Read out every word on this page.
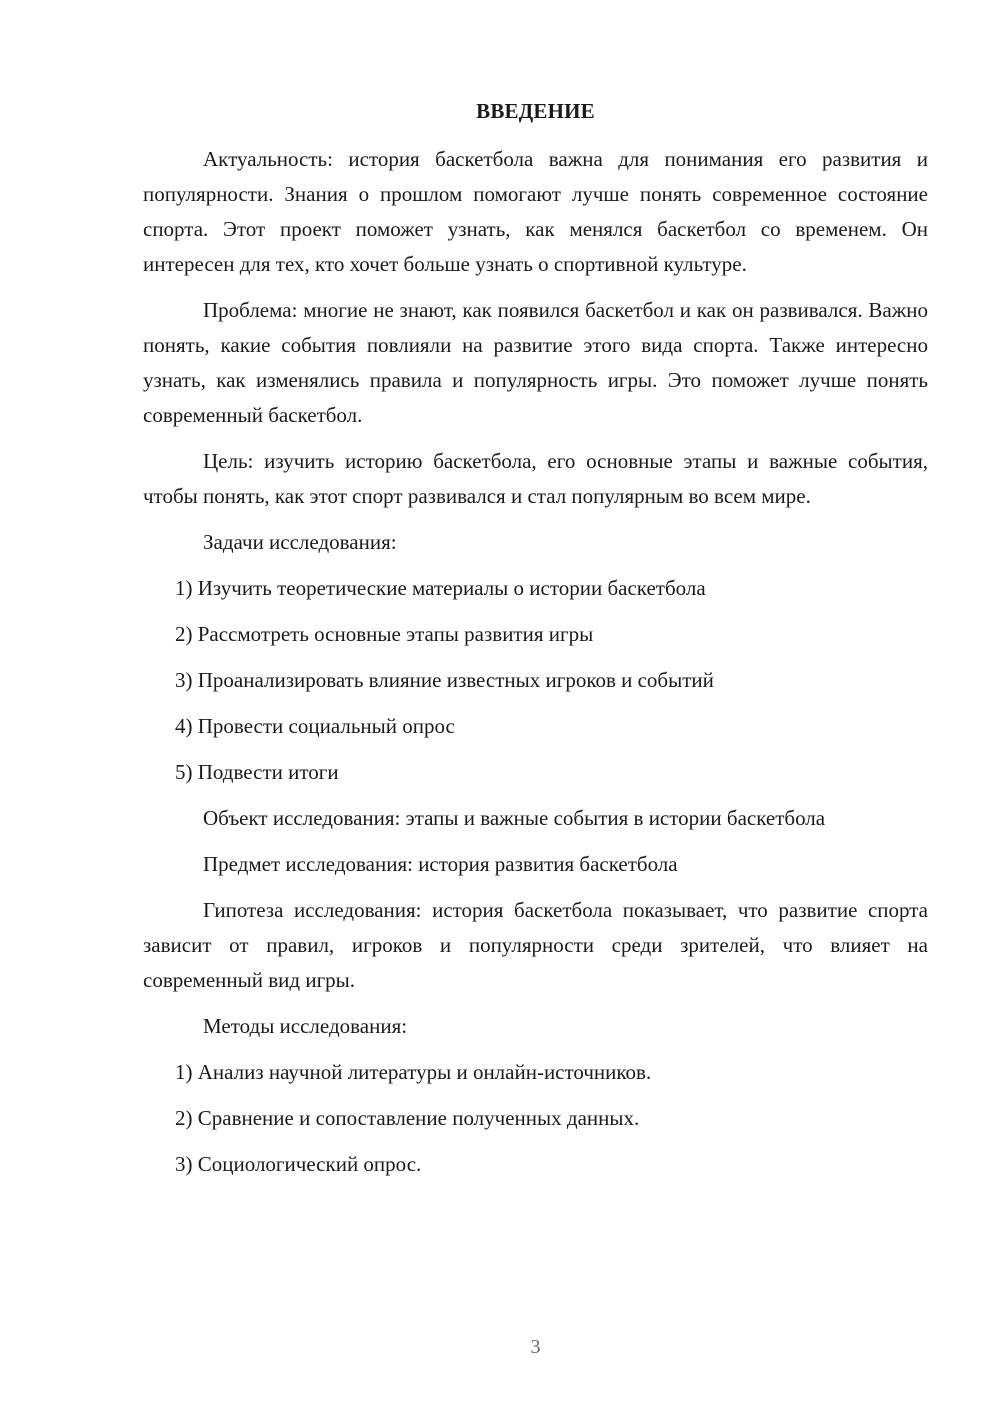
ВВЕДЕНИЕ

Актуальность: история баскетбола важна для понимания его развития и популярности. Знания о прошлом помогают лучше понять современное состояние спорта. Этот проект поможет узнать, как менялся баскетбол со временем. Он интересен для тех, кто хочет больше узнать о спортивной культуре.

Проблема: многие не знают, как появился баскетбол и как он развивался. Важно понять, какие события повлияли на развитие этого вида спорта. Также интересно узнать, как изменялись правила и популярность игры. Это поможет лучше понять современный баскетбол.

Цель: изучить историю баскетбола, его основные этапы и важные события, чтобы понять, как этот спорт развивался и стал популярным во всем мире.

Задачи исследования:

1) Изучить теоретические материалы о истории баскетбола

2) Рассмотреть основные этапы развития игры

3) Проанализировать влияние известных игроков и событий

4) Провести социальный опрос

5) Подвести итоги

Объект исследования: этапы и важные события в истории баскетбола

Предмет исследования: история развития баскетбола

Гипотеза исследования: история баскетбола показывает, что развитие спорта зависит от правил, игроков и популярности среди зрителей, что влияет на современный вид игры.

Методы исследования:

1) Анализ научной литературы и онлайн-источников.

2) Сравнение и сопоставление полученных данных.

3) Социологический опрос.

3
